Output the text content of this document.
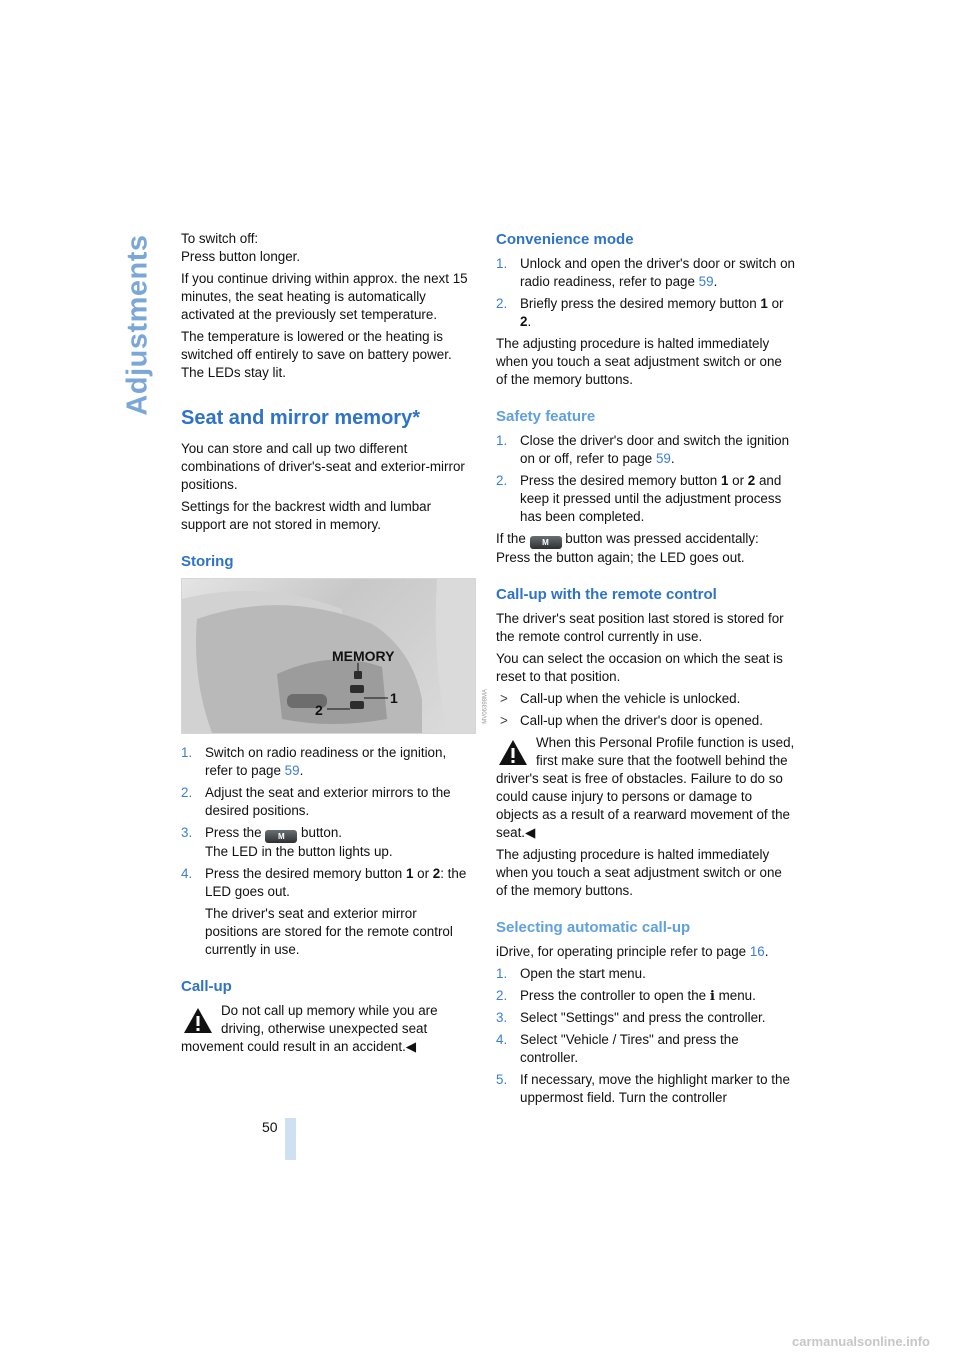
Adjustments
50

To switch off:
Press button longer.

If you continue driving within approx. the next 15 minutes, the seat heating is automatically activated at the previously set temperature.

The temperature is lowered or the heating is switched off entirely to save on battery power. The LEDs stay lit.

Seat and mirror memory*

You can store and call up two different combinations of driver's-seat and exterior-mirror positions.

Settings for the backrest width and lumbar support are not stored in memory.

Storing
MEMORY
1
2	MV06398MA
1. Switch on radio readiness or the ignition, refer to page 59.
2. Adjust the seat and exterior mirrors to the desired positions.
3. Press the M button.
The LED in the button lights up.
4. Press the desired memory button 1 or 2: the LED goes out.
The driver's seat and exterior mirror positions are stored for the remote control currently in use.
Call-up
Do not call up memory while you are driving, otherwise unexpected seat movement could result in an accident.◀
Convenience mode
1. Unlock and open the driver's door or switch on radio readiness, refer to page 59.
2. Briefly press the desired memory button 1 or 2.

The adjusting procedure is halted immediately when you touch a seat adjustment switch or one of the memory buttons.

Safety feature
1. Close the driver's door and switch the ignition on or off, refer to page 59.
2. Press the desired memory button 1 or 2 and keep it pressed until the adjustment process has been completed.

If the M button was pressed accidentally: Press the button again; the LED goes out.

Call-up with the remote control

The driver's seat position last stored is stored for the remote control currently in use.

You can select the occasion on which the seat is reset to that position.

> Call-up when the vehicle is unlocked.
> Call-up when the driver's door is opened.
When this Personal Profile function is used, first make sure that the footwell behind the driver's seat is free of obstacles. Failure to do so could cause injury to persons or damage to objects as a result of a rearward movement of the seat.◀

The adjusting procedure is halted immediately when you touch a seat adjustment switch or one of the memory buttons.

Selecting automatic call-up

iDrive, for operating principle refer to page 16.

1. Open the start menu.
2. Press the controller to open the i menu.
3. Select "Settings" and press the controller.
4. Select "Vehicle / Tires" and press the controller.
5. If necessary, move the highlight marker to the uppermost field. Turn the controller
carmanualsonline.info
